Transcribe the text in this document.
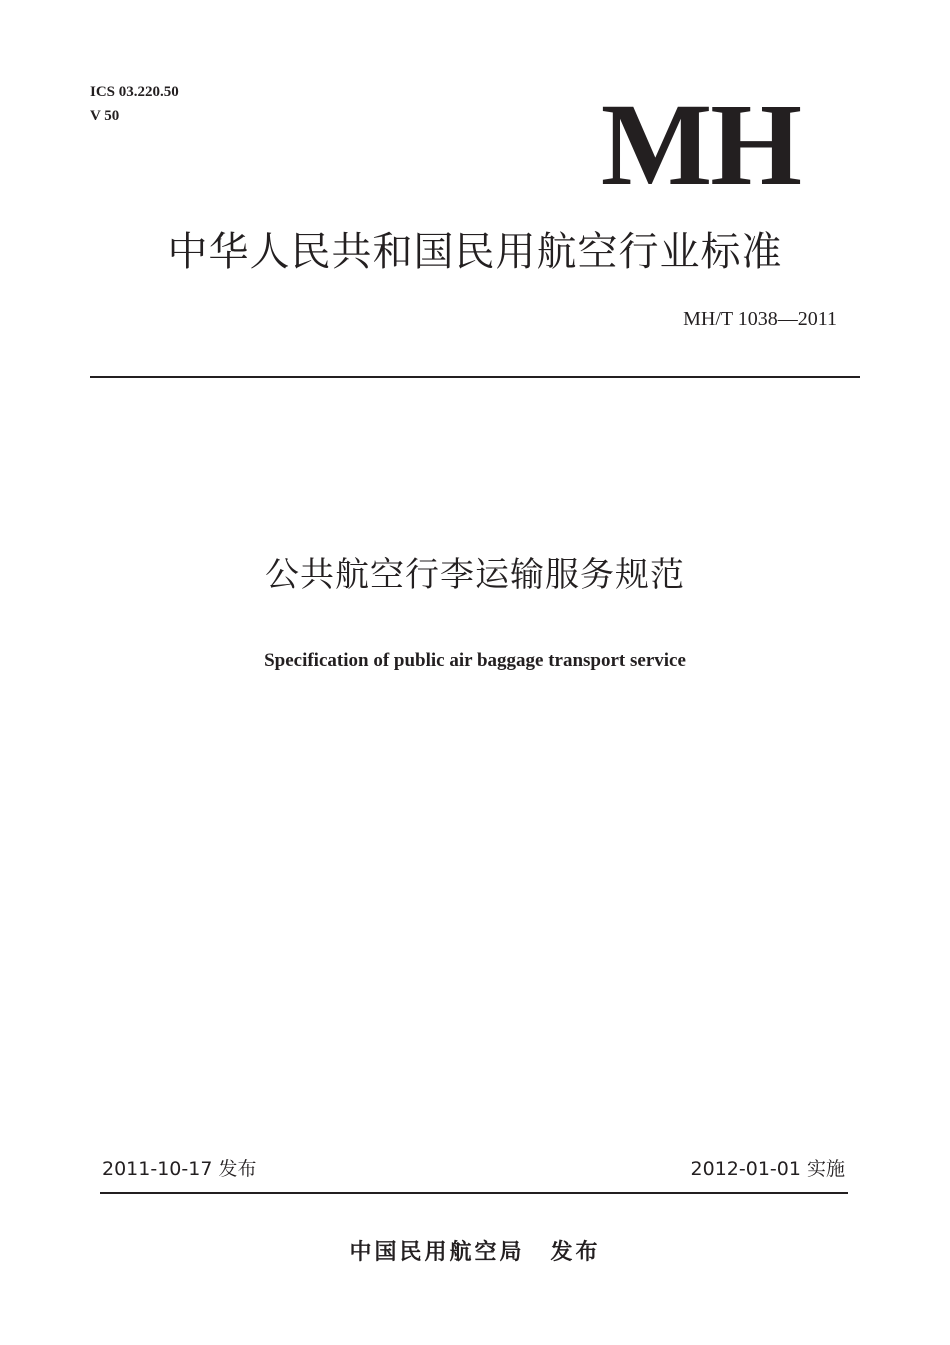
ICS 03.220.50
V 50	MH
中华人民共和国民用航空行业标准
MH/T 1038—2011
公共航空行李运输服务规范
Specification of public air baggage transport service
2011-10-17 发布	2012-01-01 实施
中国民用航空局 发布
